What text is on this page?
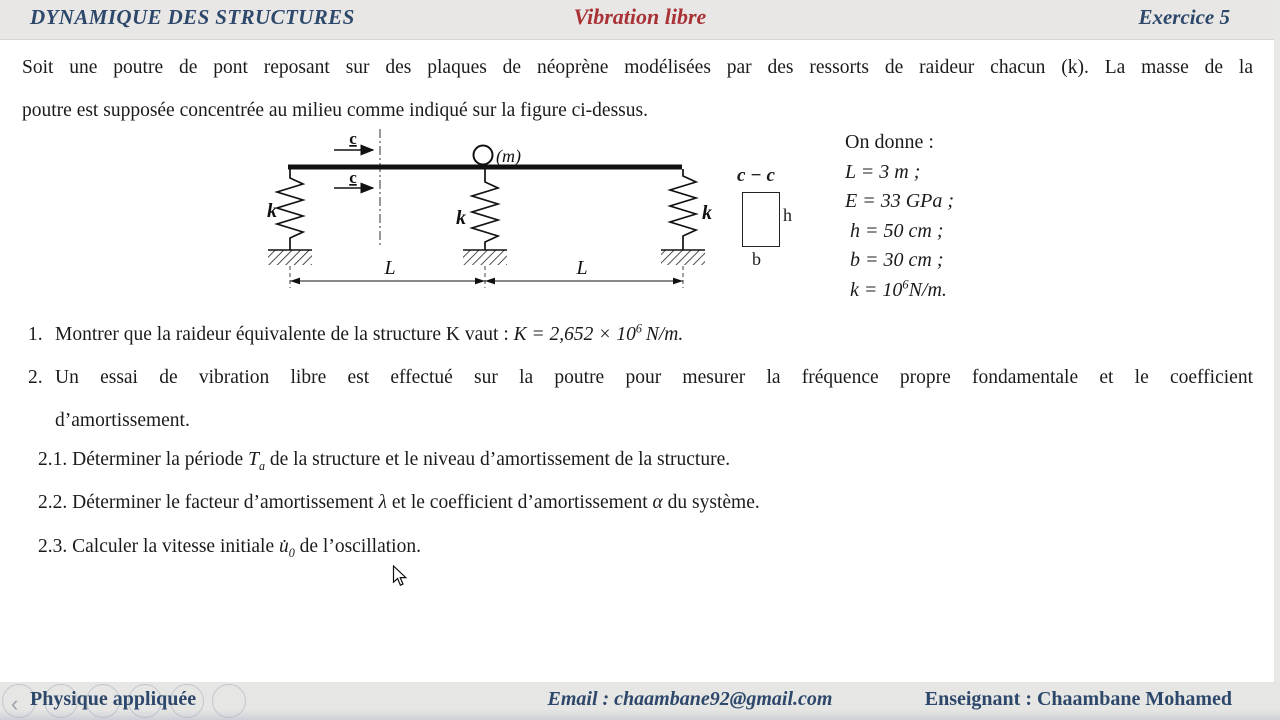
DYNAMIQUE DES STRUCTURES	Vibration libre	Exercice 5
Soit une poutre de pont reposant sur des plaques de néoprène modélisées par des ressorts de raideur chacun (k). La masse de la
poutre est supposée concentrée au milieu comme indiqué sur la figure ci-dessus.
c
c
(m)
k	k	k
L	L
c − c
h
b
On donne :
L = 3 m ;
E = 33 GPa ;
h = 50 cm ;
b = 30 cm ;
$k = 10^6N/m$.
1. Montrer que la raideur équivalente de la structure K vaut : $K = 2,652 \times 10^6$ N/m.
2. Un essai de vibration libre est effectué sur la poutre pour mesurer la fréquence propre fondamentale et le coefficient
d’amortissement.
2.1. Déterminer la période $T_a$ de la structure et le niveau d’amortissement de la structure.
2.2. Déterminer le facteur d’amortissement λ et le coefficient d’amortissement α du système.
2.3. Calculer la vitesse initiale $u̇_0$ de l’oscillation.
‹ Physique appliquée	Email : chaambane92@gmail.com	Enseignant : Chaambane Mohamed
